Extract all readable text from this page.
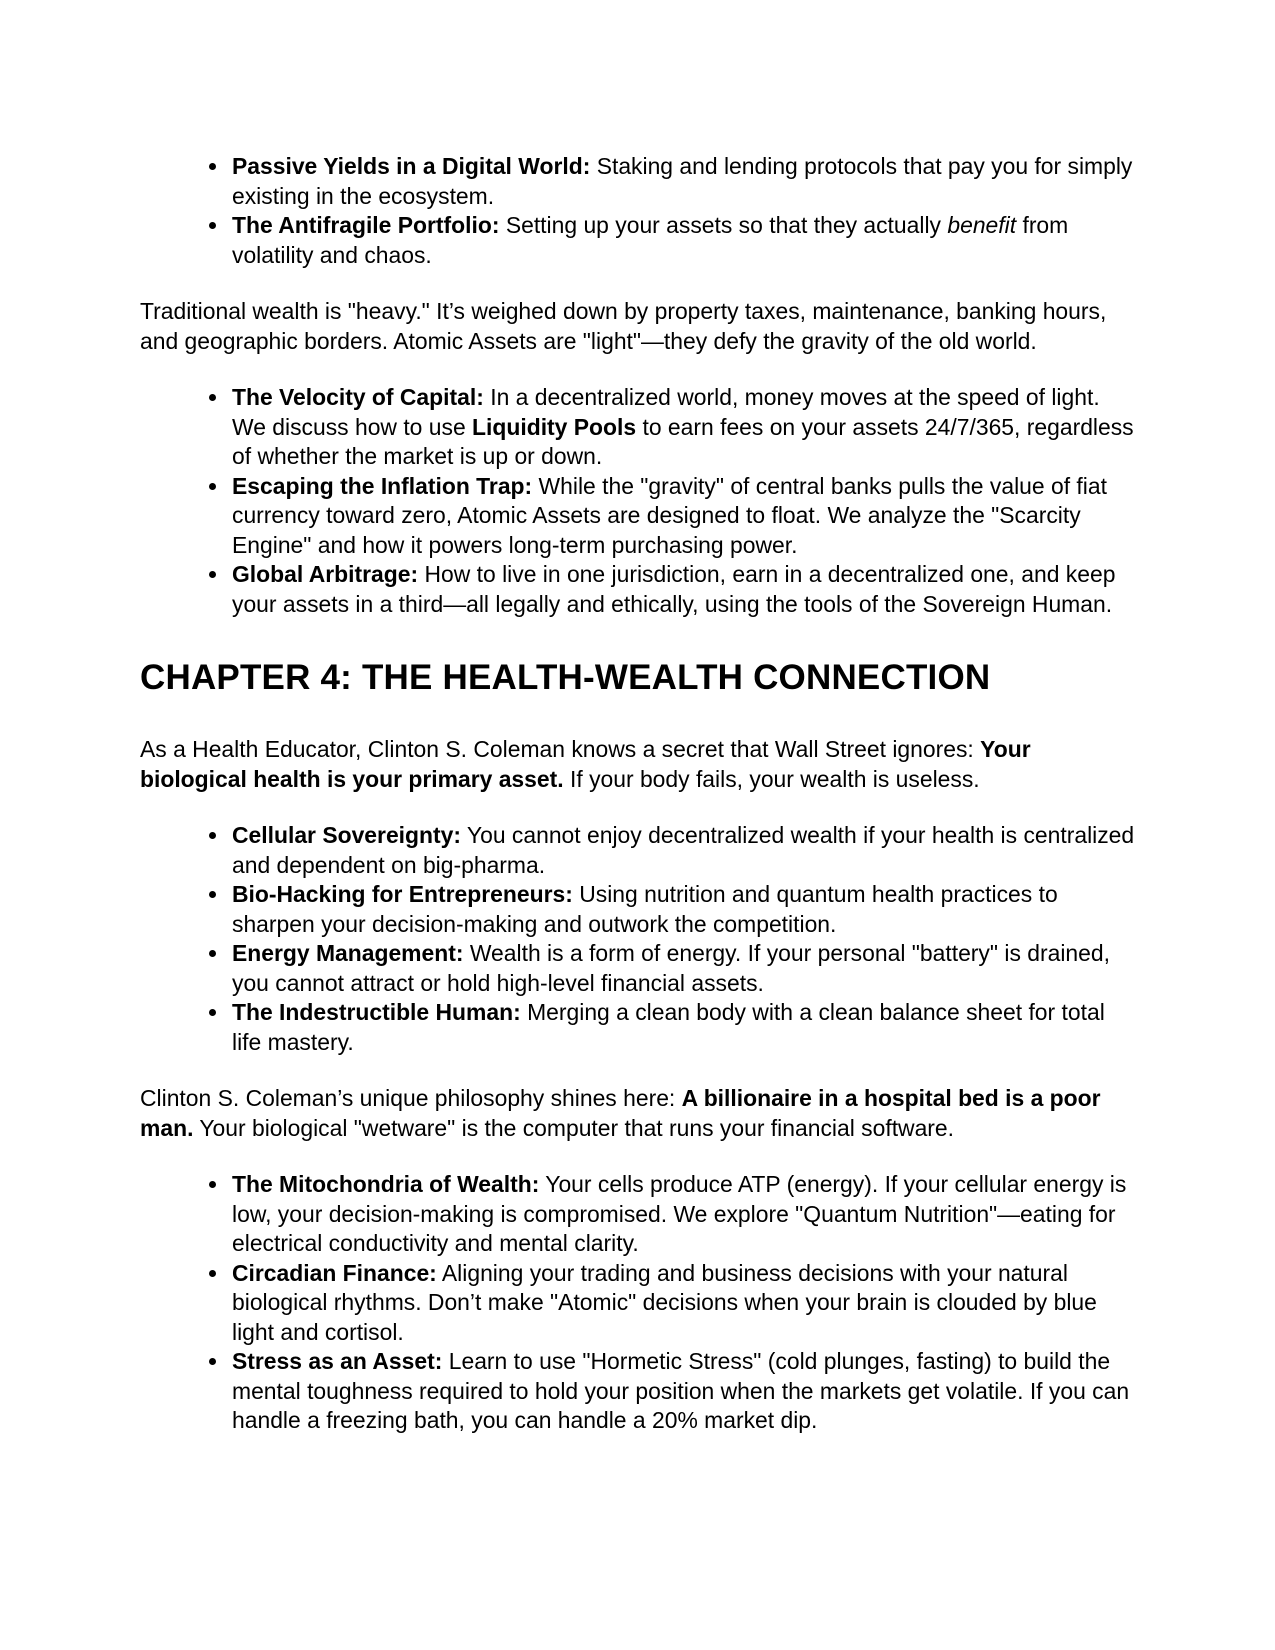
Passive Yields in a Digital World: Staking and lending protocols that pay you for simply existing in the ecosystem.
The Antifragile Portfolio: Setting up your assets so that they actually benefit from volatility and chaos.

Traditional wealth is "heavy." It’s weighed down by property taxes, maintenance, banking hours, and geographic borders. Atomic Assets are "light"—they defy the gravity of the old world.

The Velocity of Capital: In a decentralized world, money moves at the speed of light. We discuss how to use Liquidity Pools to earn fees on your assets 24/7/365, regardless of whether the market is up or down.
Escaping the Inflation Trap: While the "gravity" of central banks pulls the value of fiat currency toward zero, Atomic Assets are designed to float. We analyze the "Scarcity Engine" and how it powers long-term purchasing power.
Global Arbitrage: How to live in one jurisdiction, earn in a decentralized one, and keep your assets in a third—all legally and ethically, using the tools of the Sovereign Human.
CHAPTER 4: THE HEALTH-WEALTH CONNECTION

As a Health Educator, Clinton S. Coleman knows a secret that Wall Street ignores: Your biological health is your primary asset. If your body fails, your wealth is useless.

Cellular Sovereignty: You cannot enjoy decentralized wealth if your health is centralized and dependent on big-pharma.
Bio-Hacking for Entrepreneurs: Using nutrition and quantum health practices to sharpen your decision-making and outwork the competition.
Energy Management: Wealth is a form of energy. If your personal "battery" is drained, you cannot attract or hold high-level financial assets.
The Indestructible Human: Merging a clean body with a clean balance sheet for total life mastery.

Clinton S. Coleman’s unique philosophy shines here: A billionaire in a hospital bed is a poor man. Your biological "wetware" is the computer that runs your financial software.

The Mitochondria of Wealth: Your cells produce ATP (energy). If your cellular energy is low, your decision-making is compromised. We explore "Quantum Nutrition"—eating for electrical conductivity and mental clarity.
Circadian Finance: Aligning your trading and business decisions with your natural biological rhythms. Don’t make "Atomic" decisions when your brain is clouded by blue light and cortisol.
Stress as an Asset: Learn to use "Hormetic Stress" (cold plunges, fasting) to build the mental toughness required to hold your position when the markets get volatile. If you can handle a freezing bath, you can handle a 20% market dip.
